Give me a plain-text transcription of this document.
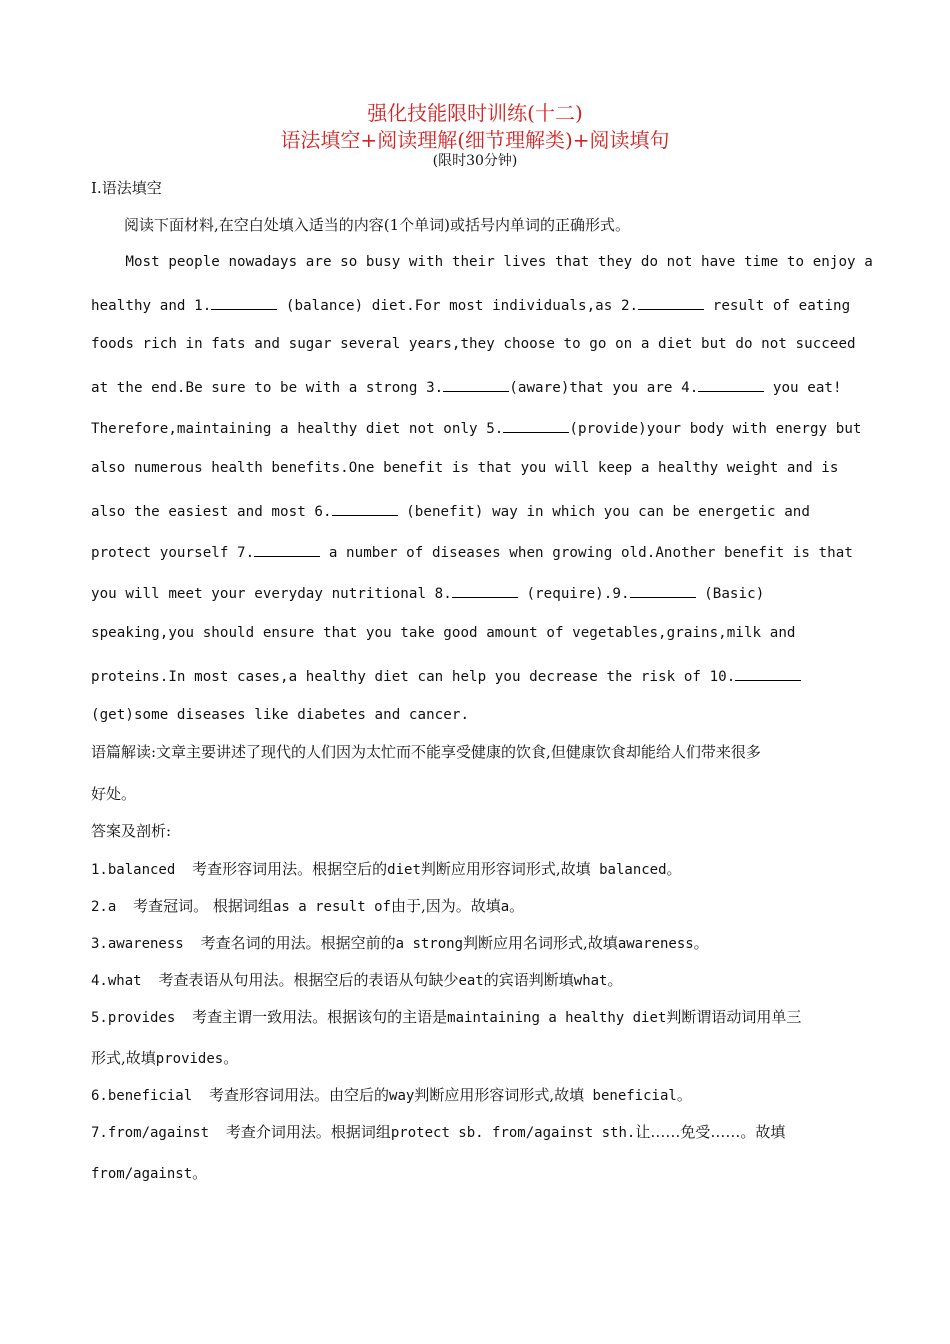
强化技能限时训练(十二)
语法填空+阅读理解(细节理解类)+阅读填句
(限时30分钟)
I.语法填空
阅读下面材料,在空白处填入适当的内容(1个单词)或括号内单词的正确形式。
Most people nowadays are so busy with their lives that they do not have time to enjoy a
healthy and 1.	(balance) diet.For most individuals,as 2.	result of eating
foods rich in fats and sugar several years,they choose to go on a diet but do not succeed
at the end.Be sure to be with a strong 3.	(aware)that you are 4.	you eat!
Therefore,maintaining a healthy diet not only 5.	(provide)your body with energy but
also numerous health benefits.One benefit is that you will keep a healthy weight and is
also the easiest and most 6.	(benefit) way in which you can be energetic and
protect yourself 7.	a number of diseases when growing old.Another benefit is that
you will meet your everyday nutritional 8.	(require).9.	(Basic)
speaking,you should ensure that you take good amount of vegetables,grains,milk and
proteins.In most cases,a healthy diet can help you decrease the risk of 10.
(get)some diseases like diabetes and cancer.
语篇解读:文章主要讲述了现代的人们因为太忙而不能享受健康的饮食,但健康饮食却能给人们带来很多
好处。
答案及剖析:
1.balanced  考查形容词用法。根据空后的diet判断应用形容词形式,故填 balanced。
2.a  考查冠词。 根据词组as a result of由于,因为。故填a。
3.awareness  考查名词的用法。根据空前的a strong判断应用名词形式,故填awareness。
4.what  考查表语从句用法。根据空后的表语从句缺少eat的宾语判断填what。
5.provides  考查主谓一致用法。根据该句的主语是maintaining a healthy diet判断谓语动词用单三
形式,故填provides。
6.beneficial  考查形容词用法。由空后的way判断应用形容词形式,故填 beneficial。
7.from/against  考查介词用法。根据词组protect sb. from/against sth.让……免受……。故填
from/against。
